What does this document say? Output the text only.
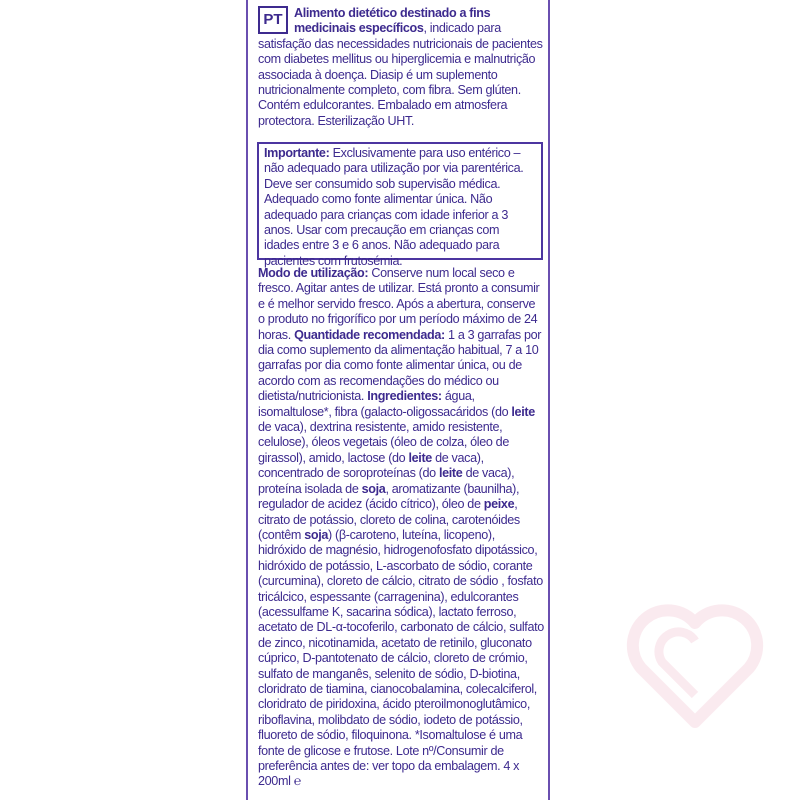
PT Alimento dietético destinado a fins medicinais específicos, indicado para satisfação das necessidades nutricionais de pacientes com diabetes mellitus ou hiperglicemia e malnutrição associada à doença. Diasip é um suplemento nutricionalmente completo, com fibra. Sem glúten. Contém edulcorantes. Embalado em atmosfera protectora. Esterilização UHT.
Importante: Exclusivamente para uso entérico – não adequado para utilização por via parentérica. Deve ser consumido sob supervisão médica. Adequado como fonte alimentar única. Não adequado para crianças com idade inferior a 3 anos. Usar com precaução em crianças com idades entre 3 e 6 anos. Não adequado para pacientes com frutosémia.
Modo de utilização: Conserve num local seco e fresco. Agitar antes de utilizar. Está pronto a consumir e é melhor servido fresco. Após a abertura, conserve o produto no frigorífico por um período máximo de 24 horas. Quantidade recomendada: 1 a 3 garrafas por dia como suplemento da alimentação habitual, 7 a 10 garrafas por dia como fonte alimentar única, ou de acordo com as recomendações do médico ou dietista/nutricionista. Ingredientes: água, isomaltulose*, fibra (galacto-oligossacáridos (do leite de vaca), dextrina resistente, amido resistente, celulose), óleos vegetais (óleo de colza, óleo de girassol), amido, lactose (do leite de vaca), concentrado de soroproteínas (do leite de vaca), proteína isolada de soja, aromatizante (baunilha), regulador de acidez (ácido cítrico), óleo de peixe, citrato de potássio, cloreto de colina, carotenóides (contêm soja) (β-caroteno, luteína, licopeno), hidróxido de magnésio, hidrogenofosfato dipotássico, hidróxido de potássio, L-ascorbato de sódio, corante (curcumina), cloreto de cálcio, citrato de sódio , fosfato tricálcico, espessante (carragenina), edulcorantes (acessulfame K, sacarina sódica), lactato ferroso, acetato de DL-α-tocoferilo, carbonato de cálcio, sulfato de zinco, nicotinamida, acetato de retinilo, gluconato cúprico, D-pantotenato de cálcio, cloreto de crómio, sulfato de manganês, selenito de sódio, D-biotina, cloridrato de tiamina, cianocobalamina, colecalciferol, cloridrato de piridoxina, ácido pteroilmonoglutâmico, riboflavina, molibdato de sódio, iodeto de potássio, fluoreto de sódio, filoquinona. *Isomaltulose é uma fonte de glicose e frutose. Lote nº/Consumir de preferência antes de: ver topo da embalagem. 4 x 200ml ℮
